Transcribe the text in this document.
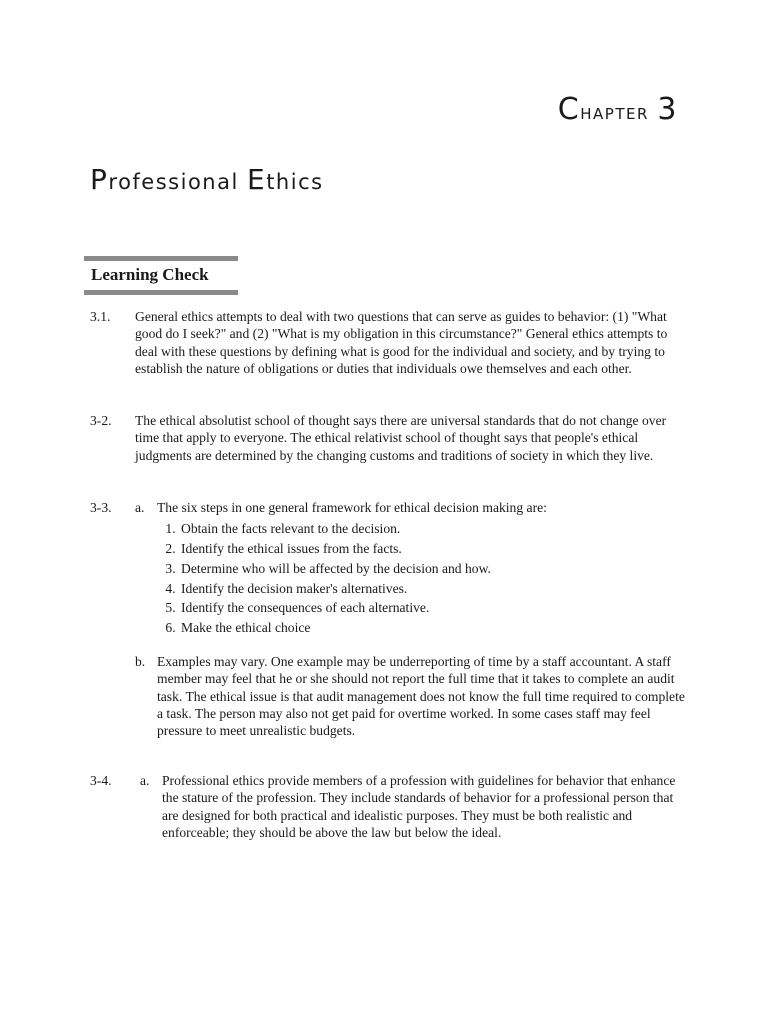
Chapter 3
Professional Ethics
Learning Check
3.1. General ethics attempts to deal with two questions that can serve as guides to behavior: (1) "What good do I seek?" and (2) "What is my obligation in this circumstance?" General ethics attempts to deal with these questions by defining what is good for the individual and society, and by trying to establish the nature of obligations or duties that individuals owe themselves and each other.
3-2. The ethical absolutist school of thought says there are universal standards that do not change over time that apply to everyone. The ethical relativist school of thought says that people's ethical judgments are determined by the changing customs and traditions of society in which they live.
3-3. a. The six steps in one general framework for ethical decision making are:
1. Obtain the facts relevant to the decision.
2. Identify the ethical issues from the facts.
3. Determine who will be affected by the decision and how.
4. Identify the decision maker's alternatives.
5. Identify the consequences of each alternative.
6. Make the ethical choice
b. Examples may vary. One example may be underreporting of time by a staff accountant. A staff member may feel that he or she should not report the full time that it takes to complete an audit task. The ethical issue is that audit management does not know the full time required to complete a task. The person may also not get paid for overtime worked. In some cases staff may feel pressure to meet unrealistic budgets.
3-4. a. Professional ethics provide members of a profession with guidelines for behavior that enhance the stature of the profession. They include standards of behavior for a professional person that are designed for both practical and idealistic purposes. They must be both realistic and enforceable; they should be above the law but below the ideal.
